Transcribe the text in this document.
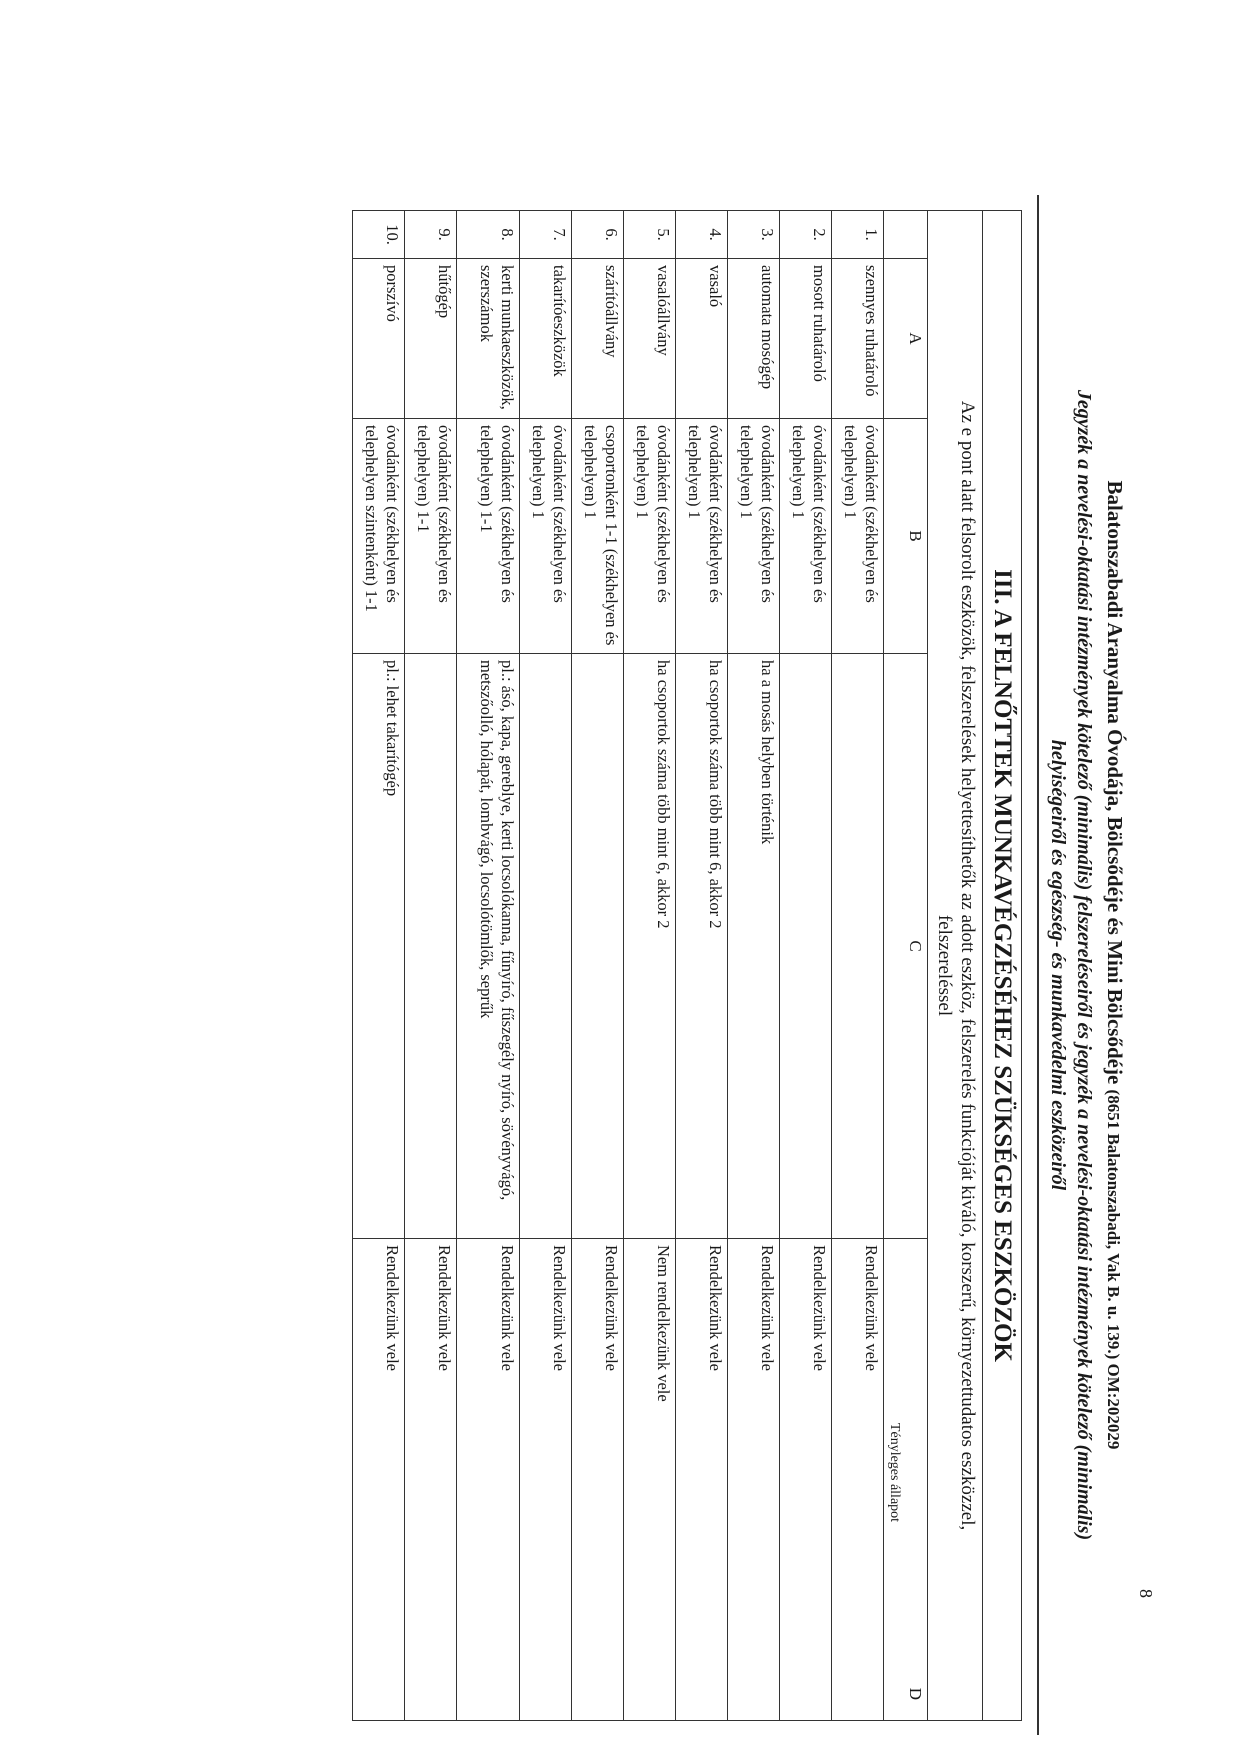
Balatonszabadi Aranyalma Óvodája, Bölcsődéje és Mini Bölcsődéje (8651 Balatonszabadi, Vak B. u. 139.) OM:202029
Jegyzék a nevelési-oktatási intézmények kötelező (minimális) felszereléseiről és jegyzék a nevelési-oktatási intézmények kötelező (minimális)
helyiségeiről és egészség- és munkavédelmi eszközeiről
III. A FELNŐTTEK MUNKAVÉGZÉSÉHEZ SZÜKSÉGES ESZKÖZÖK				

Az e pont alatt felsorolt eszközök, felszerelések helyettesíthetők az adott eszköz, felszerelés funkcióját kiváló, korszerű, környezettudatos eszközzel,
felszereléssel				

	A	B	C	D
Tényleges állapot

1.	szennyes ruhatároló	óvodánként (székhelyen és telephelyen) 1		Rendelkezünk vele
2.	mosott ruhatároló	óvodánként (székhelyen és telephelyen) 1		Rendelkezünk vele
3.	automata mosógép	óvodánként (székhelyen és telephelyen) 1	ha a mosás helyben történik	Rendelkezünk vele
4.	vasaló	óvodánként (székhelyen és telephelyen) 1	ha csoportok száma több mint 6, akkor 2	Rendelkezünk vele
5.	vasalóállvány	óvodánként (székhelyen és telephelyen) 1	ha csoportok száma több mint 6, akkor 2	Nem rendelkezünk vele
6.	szárítóállvány	csoportonként 1-1 (székhelyen és telephelyen) 1		Rendelkezünk vele
7.	takarítóeszközök	óvodánként (székhelyen és telephelyen) 1		Rendelkezünk vele
8.	kerti munkaeszközök, szerszámok	óvodánként (székhelyen és telephelyen) 1-1	pl.: ásó, kapa, gereblye, kerti locsolókanna, fűnyíró, fűszegély nyíró, sövényvágó, metszőolló, hólapát, lombvágó, locsolótömlők, seprűk	Rendelkezünk vele
9.	hűtőgép	óvodánként (székhelyen és telephelyen) 1-1		Rendelkezünk vele
10.	porszívó	óvodánként (székhelyen és telephelyen szintenként) 1-1	pl.: lehet takarítógép	Rendelkezünk vele
8
